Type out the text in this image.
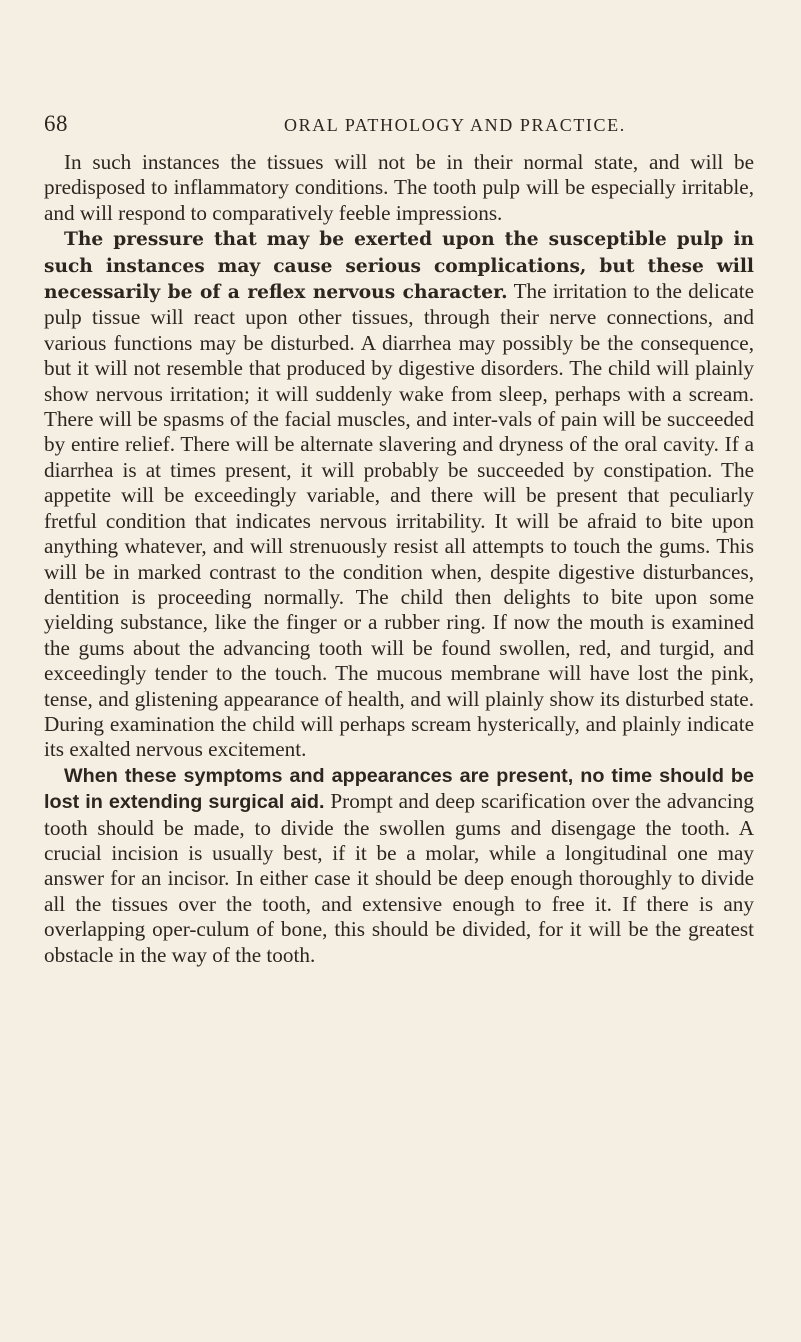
68	ORAL PATHOLOGY AND PRACTICE.

In such instances the tissues will not be in their normal state, and will be predisposed to inflammatory conditions. The tooth pulp will be especially irritable, and will respond to comparatively feeble impressions.

The pressure that may be exerted upon the susceptible pulp in such instances may cause serious complications, but these will necessarily be of a reflex nervous character. The irritation to the delicate pulp tissue will react upon other tissues, through their nerve connections, and various functions may be disturbed. A diarrhea may possibly be the consequence, but it will not resemble that produced by digestive disorders. The child will plainly show nervous irritation; it will suddenly wake from sleep, perhaps with a scream. There will be spasms of the facial muscles, and inter-vals of pain will be succeeded by entire relief. There will be alternate slavering and dryness of the oral cavity. If a diarrhea is at times present, it will probably be succeeded by constipation. The appetite will be exceedingly variable, and there will be present that peculiarly fretful condition that indicates nervous irritability. It will be afraid to bite upon anything whatever, and will strenuously resist all attempts to touch the gums. This will be in marked contrast to the condition when, despite digestive disturbances, dentition is proceeding normally. The child then delights to bite upon some yielding substance, like the finger or a rubber ring. If now the mouth is examined the gums about the advancing tooth will be found swollen, red, and turgid, and exceedingly tender to the touch. The mucous membrane will have lost the pink, tense, and glistening appearance of health, and will plainly show its disturbed state. During examination the child will perhaps scream hysterically, and plainly indicate its exalted nervous excitement.

When these symptoms and appearances are present, no time should be lost in extending surgical aid. Prompt and deep scarification over the advancing tooth should be made, to divide the swollen gums and disengage the tooth. A crucial incision is usually best, if it be a molar, while a longitudinal one may answer for an incisor. In either case it should be deep enough thoroughly to divide all the tissues over the tooth, and extensive enough to free it. If there is any overlapping oper-culum of bone, this should be divided, for it will be the greatest obstacle in the way of the tooth.
